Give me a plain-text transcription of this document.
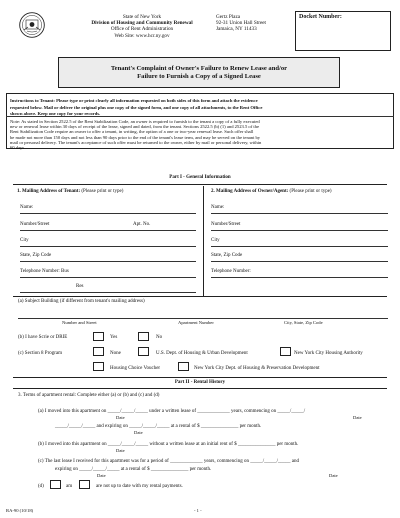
State of New York
Division of Housing and Community Renewal
Office of Rent Administration
Web Site: www.hcr.ny.gov
Gertz Plaza
92-31 Union Hall Street
Jamaica, NY 11433
Docket Number:
Tenant's Complaint of Owner's Failure to Renew Lease and/or
Failure to Furnish a Copy of a Signed Lease
Instructions to Tenant: Please type or print clearly all information requested on both sides of this form and attach the evidence
requested below. Mail or deliver the original plus one copy of the signed form, and one copy of all attachments, to the Rent Office
shown above. Keep one copy for your records.
Note: As stated in Section 2522.5 of the Rent Stabilization Code, an owner is required to furnish to the tenant a copy of a fully executed
new or renewal lease within 30 days of receipt of the lease, signed and dated, from the tenant. Sections 2522.5 (b) (1) and 2523.5 of the
Rent Stabilization Code require an owner to offer a tenant, in writing, the option of a one or two-year renewal lease. Such offer shall
be made not more than 150 days and not less than 90 days prior to the end of the tenant's lease term, and may be served on the tenant by
mail or personal delivery. The tenant's acceptance of such offer must be returned to the owner, either by mail or personal delivery, within
60 days
Part I - General Information
1. Mailing Address of Tenant: (Please print or type)
Name:
Number/Street	Apt. No.
City
State, Zip Code
Telephone Number: Bus
Res
2. Mailing Address of Owner/Agent: (Please print or type)
Name:
Number/Street
City
State, Zip Code
Telephone Number:
(a) Subject Building (if different from tenant's mailing address)
Number and Street	Apartment Number	City, State, Zip Code
(b) I have Scrie or DRIE	Yes	No
(c) Section 8 Program	None	U.S. Dept. of Housing & Urban Development	New York City Housing Authority
Housing Choice Voucher	New York City Dept. of Housing & Preservation Development
Part II - Rental History
3. Terms of apartment rental: Complete either (a) or (b) and (c) and (d)
(a) I moved into this apartment on _____/_____/_____ under a written lease of _____________ years, commencing on _____/_____/
Date	Date
_____/_____/_____ and expiring on _____/_____/_____ at a rental of $ _______________ per month.
Date
(b) I moved into this apartment on _____/_____/_____ without a written lease at an initial rent of $ _______________ per month.
Date
(c) The last lease I received for this apartment was for a period of _____________ years, commencing on _____/_____/_____ and
expiring on _____/_____/_____ at a rental of $ _______________ per month.
Date	Date
(d)	am	are not up to date with my rental payments.
RA-90 (10/18)	- 1 -
